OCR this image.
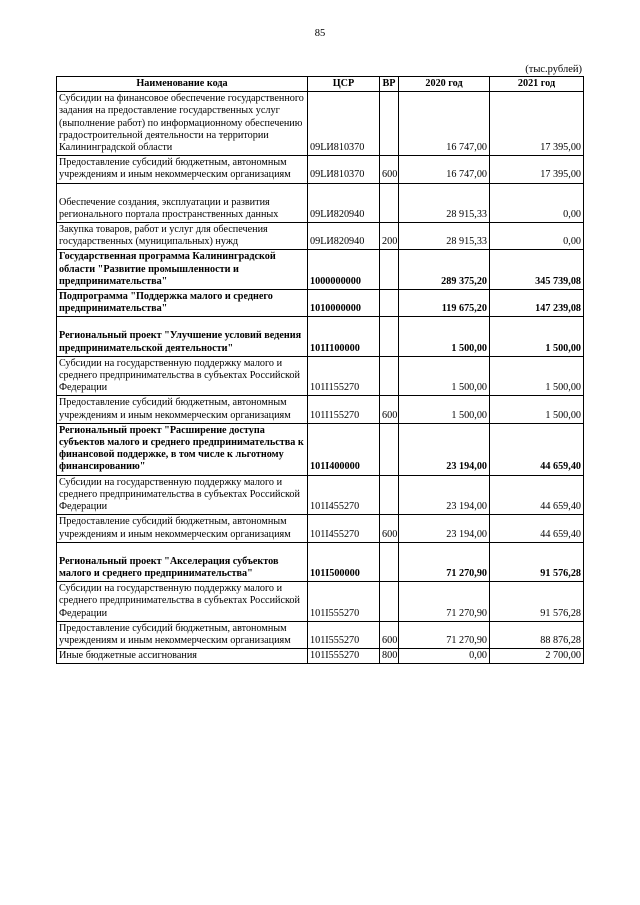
85
(тыс.рублей)
Наименование кода	ЦСР	ВР	2020 год	2021 год
Субсидии на финансовое обеспечение государственного задания на предоставление государственных услуг (выполнение работ) по информационному обеспечению градостроительной деятельности на территории Калининградской области	09LИ810370		16 747,00	17 395,00
Предоставление субсидий бюджетным, автономным учреждениям и иным некоммерческим организациям	09LИ810370	600	16 747,00	17 395,00

Обеспечение создания, эксплуатации и развития регионального портала пространственных данных	09LИ820940		28 915,33	0,00
Закупка товаров, работ и услуг для обеспечения государственных (муниципальных) нужд	09LИ820940	200	28 915,33	0,00
Государственная программа Калининградской области "Развитие промышленности и предпринимательства"	1000000000		289 375,20	345 739,08
Подпрограмма "Поддержка малого и среднего предпринимательства"	1010000000		119 675,20	147 239,08

Региональный проект "Улучшение условий ведения предпринимательской деятельности"	101I100000		1 500,00	1 500,00
Субсидии на государственную поддержку малого и среднего предпринимательства в субъектах Российской Федерации	101I155270		1 500,00	1 500,00
Предоставление субсидий бюджетным, автономным учреждениям и иным некоммерческим организациям	101I155270	600	1 500,00	1 500,00
Региональный проект "Расширение доступа субъектов малого и среднего предпринимательства к финансовой поддержке, в том числе к льготному финансированию"	101I400000		23 194,00	44 659,40
Субсидии на государственную поддержку малого и среднего предпринимательства в субъектах Российской Федерации	101I455270		23 194,00	44 659,40
Предоставление субсидий бюджетным, автономным учреждениям и иным некоммерческим организациям	101I455270	600	23 194,00	44 659,40

Региональный проект "Акселерация субъектов малого и среднего предпринимательства"	101I500000		71 270,90	91 576,28
Субсидии на государственную поддержку малого и среднего предпринимательства в субъектах Российской Федерации	101I555270		71 270,90	91 576,28
Предоставление субсидий бюджетным, автономным учреждениям и иным некоммерческим организациям	101I555270	600	71 270,90	88 876,28
Иные бюджетные ассигнования	101I555270	800	0,00	2 700,00
